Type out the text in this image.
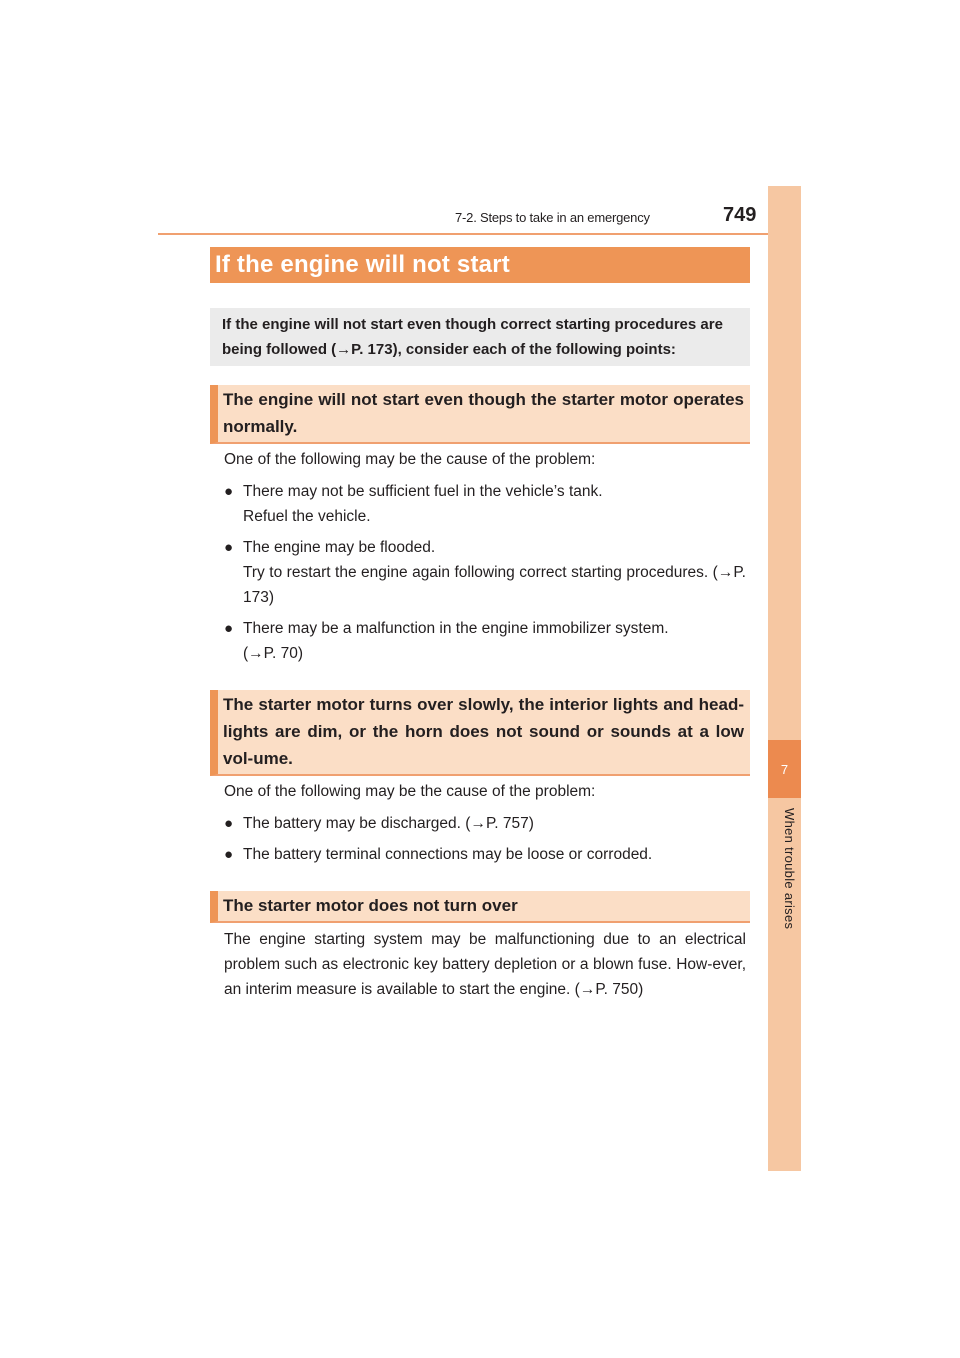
7-2. Steps to take in an emergency	749
7
When trouble arises
If the engine will not start
If the engine will not start even though correct starting procedures are being followed (→P. 173), consider each of the following points:
The engine will not start even though the starter motor operates normally.
One of the following may be the cause of the problem:
● There may not be sufficient fuel in the vehicle’s tank.
Refuel the vehicle.
● The engine may be flooded.
Try to restart the engine again following correct starting procedures. (→P. 173)
● There may be a malfunction in the engine immobilizer system.
(→P. 70)
The starter motor turns over slowly, the interior lights and head-lights are dim, or the horn does not sound or sounds at a low vol-ume.
One of the following may be the cause of the problem:
● The battery may be discharged. (→P. 757)
● The battery terminal connections may be loose or corroded.
The starter motor does not turn over
The engine starting system may be malfunctioning due to an electrical problem such as electronic key battery depletion or a blown fuse. How-ever, an interim measure is available to start the engine. (→P. 750)
